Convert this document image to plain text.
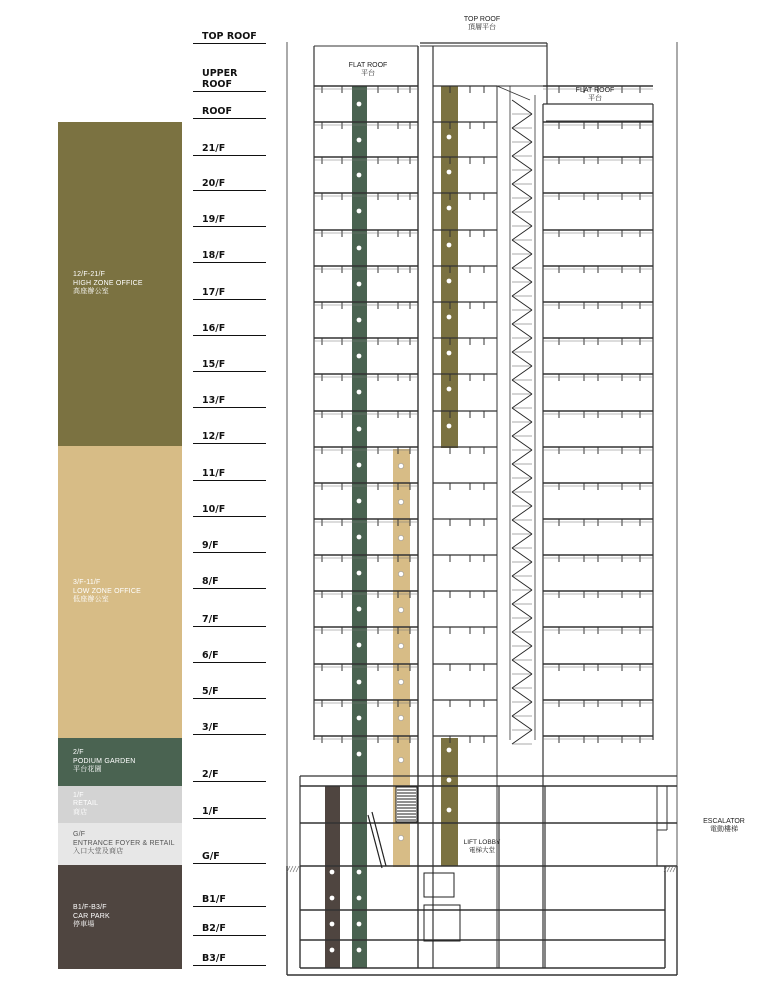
12/F-21/F
HIGH ZONE OFFICE
高座辦公室
3/F-11/F
LOW ZONE OFFICE
低座辦公室
2/F
PODIUM GARDEN
平台花園
1/F
RETAIL
商店
G/F
ENTRANCE FOYER & RETAIL
入口大堂及商店
B1/F-B3/F
CAR PARK
停車場
TOP ROOF
UPPER ROOF
ROOF
21/F
20/F
19/F
18/F
17/F
16/F
15/F
13/F
12/F
11/F
10/F
9/F
8/F
7/F
6/F
5/F
3/F
2/F
1/F
G/F
B1/F
B2/F
B3/F
TOP ROOF
頂層平台
FLAT ROOF
平台
FLAT ROOF
平台
ESCALATOR
電動樓梯
LIFT LOBBY
電梯大堂
